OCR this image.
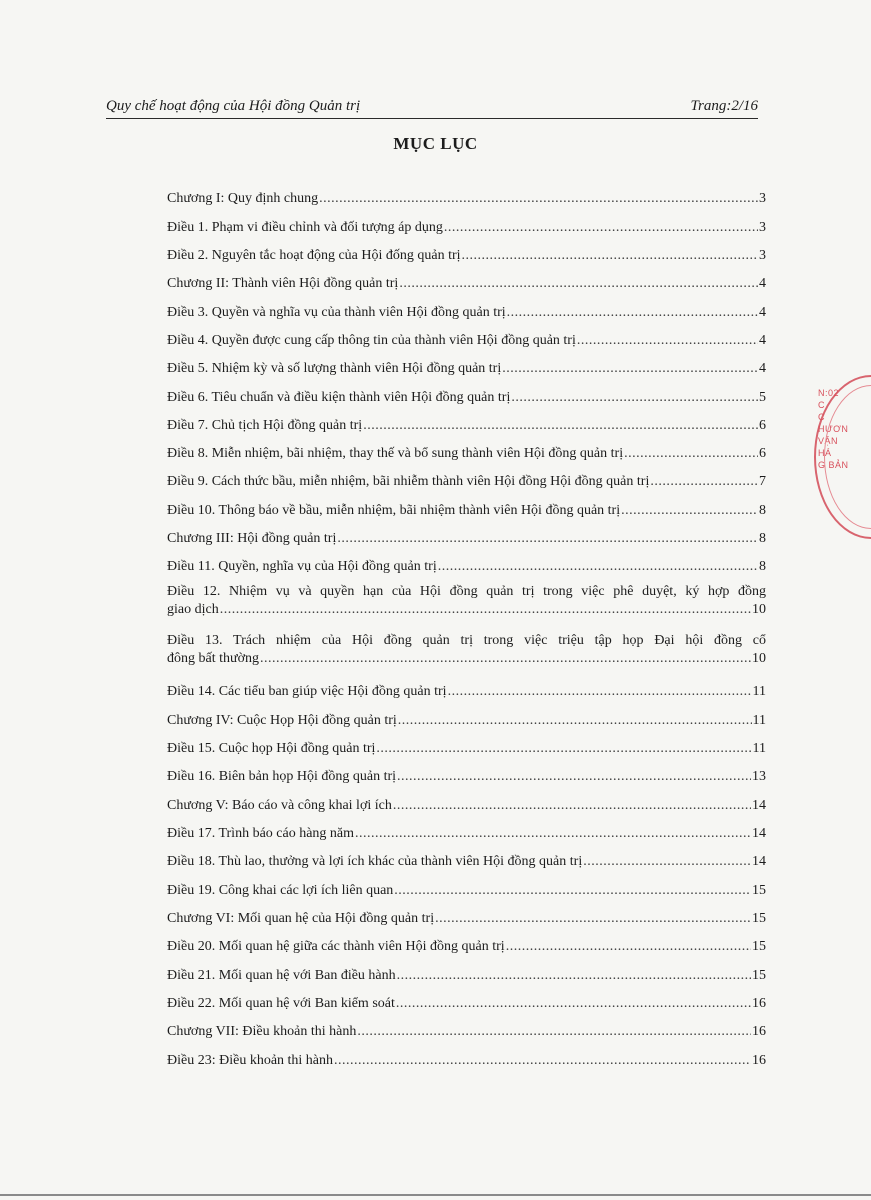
Quy chế hoạt động của Hội đồng Quản trị	Trang:2/16
MỤC LỤC
Chương I: Quy định chung .....	3
Điều 1. Phạm vi điều chỉnh và đối tượng áp dụng .....	3
Điều 2. Nguyên tắc hoạt động của Hội đống quản trị .....	3
Chương II: Thành viên Hội đồng quản trị .....	4
Điều 3. Quyền và nghĩa vụ của thành viên Hội đồng quản trị .....	4
Điều 4. Quyền được cung cấp thông tin của thành viên Hội đồng quản trị .....	4
Điều 5. Nhiệm kỳ và số lượng thành viên Hội đồng quản trị .....	4
Điều 6. Tiêu chuẩn và điều kiện thành viên Hội đồng quản trị .....	5
Điều 7. Chủ tịch Hội đồng quản trị .....	6
Điều 8. Miễn nhiệm, bãi nhiệm, thay thế và bổ sung thành viên Hội đồng quản trị .....	6
Điều 9. Cách thức bầu, miễn nhiệm, bãi nhiễm thành viên Hội đồng Hội đồng quản trị .....	7
Điều 10. Thông báo về bầu, miễn nhiệm, bãi nhiệm thành viên Hội đồng quản trị .....	8
Chương III: Hội đồng quản trị .....	8
Điều 11. Quyền, nghĩa vụ của Hội đồng quản trị .....	8
Điều 12. Nhiệm vụ và quyền hạn của Hội đồng quản trị trong việc phê duyệt, ký hợp đồng
giao dịch .....	10
Điều 13. Trách nhiệm của Hội đồng quản trị trong việc triệu tập họp Đại hội đồng cổ
đông bất thường .....	10
Điều 14. Các tiểu ban giúp việc Hội đồng quản trị .....	11
Chương IV: Cuộc Họp Hội đồng quản trị .....	11
Điều 15. Cuộc họp Hội đồng quản trị .....	11
Điều 16. Biên bản họp Hội đồng quản trị .....	13
Chương V: Báo cáo và công khai lợi ích .....	14
Điều 17. Trình báo cáo hàng năm .....	14
Điều 18. Thù lao, thưởng và lợi ích khác của thành viên Hội đồng quản trị .....	14
Điều 19. Công khai các lợi ích liên quan .....	15
Chương VI: Mối quan hệ của Hội đồng quản trị .....	15
Điều 20. Mối quan hệ giữa các thành viên Hội đồng quản trị .....	15
Điều 21. Mối quan hệ với Ban điều hành .....	15
Điều 22. Mối quan hệ với Ban kiểm soát .....	16
Chương VII: Điều khoản thi hành .....	16
Điều 23: Điều khoản thi hành .....	16
N:02
C
C
HƯƠN
VẬN
HÁ
G BẢN
